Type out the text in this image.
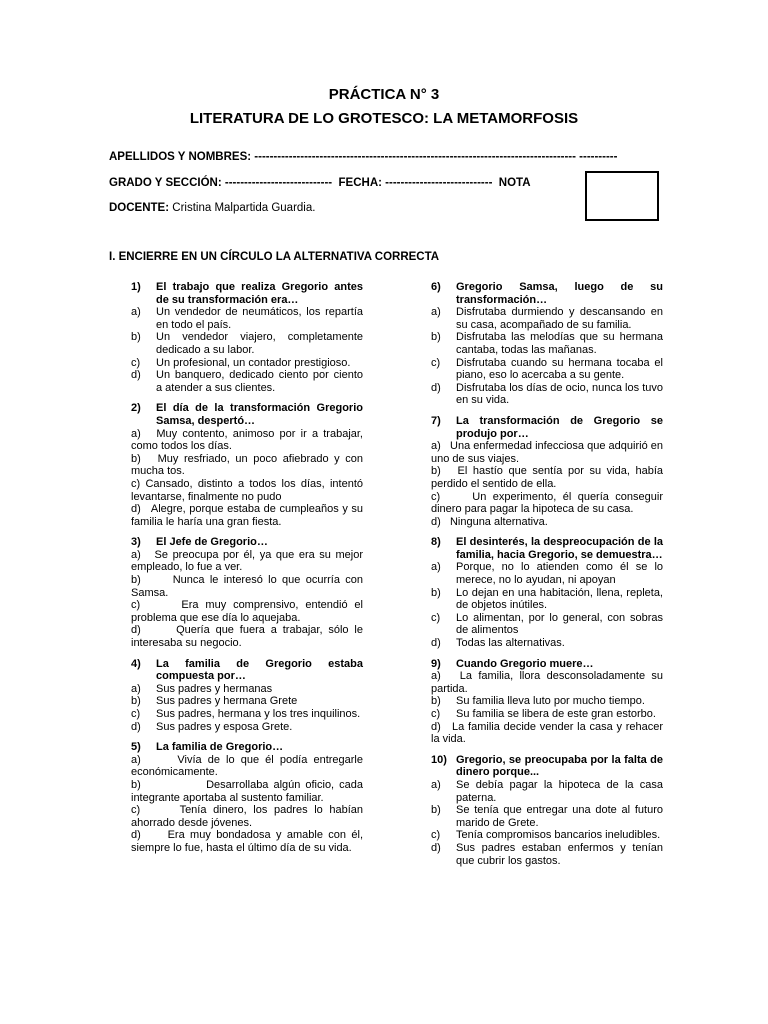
PRÁCTICA N° 3
LITERATURA DE LO GROTESCO: LA METAMORFOSIS
APELLIDOS Y NOMBRES: ------------------------------------------------------------------------------------ ----------
GRADO Y SECCIÓN: ---------------------------- FECHA: ---------------------------- NOTA
DOCENTE: Cristina Malpartida Guardia.
I. ENCIERRE EN UN CÍRCULO LA ALTERNATIVA CORRECTA
1)	El trabajo que realiza Gregorio antes de su transformación era…
a)	Un vendedor de neumáticos, los repartía en todo el país.
b)	Un vendedor viajero, completamente dedicado a su labor.
c)	Un profesional, un contador prestigioso.
d)	Un banquero, dedicado ciento por ciento a atender a sus clientes.
2)	El día de la transformación Gregorio Samsa, despertó…
a) Muy contento, animoso por ir a trabajar, como todos los días.
b) Muy resfriado, un poco afiebrado y con mucha tos.
c) Cansado, distinto a todos los días, intentó levantarse, finalmente no pudo
d) Alegre, porque estaba de cumpleaños y su familia le haría una gran fiesta.
3)	El Jefe de Gregorio…
a) Se preocupa por él, ya que era su mejor empleado, lo fue a ver.
b)	Nunca le interesó lo que ocurría con Samsa.
c)	Era muy comprensivo, entendió el problema que ese día lo aquejaba.
d)	Quería que fuera a trabajar, sólo le interesaba su negocio.
4)	La familia de Gregorio estaba compuesta por…
a)	Sus padres y hermanas
b)	Sus padres y hermana Grete
c)	Sus padres, hermana y los tres inquilinos.
d)	Sus padres y esposa Grete.
5)	La familia de Gregorio…
a)	Vivía de lo que él podía entregarle económicamente.
b)	Desarrollaba algún oficio, cada integrante aportaba al sustento familiar.
c)	Tenía dinero, los padres lo habían ahorrado desde jóvenes.
d) Era muy bondadosa y amable con él, siempre lo fue, hasta el último día de su vida.
6)	Gregorio Samsa, luego de su transformación…
a)	Disfrutaba durmiendo y descansando en su casa, acompañado de su familia.
b)	Disfrutaba las melodías que su hermana cantaba, todas las mañanas.
c)	Disfrutaba cuando su hermana tocaba el piano, eso lo acercaba a su gente.
d)	Disfrutaba los días de ocio, nunca los tuvo en su vida.
7)	La transformación de Gregorio se produjo por…
a) Una enfermedad infecciosa que adquirió en uno de sus viajes.
b) El hastío que sentía por su vida, había perdido el sentido de ella.
c)	Un experimento, él quería conseguir dinero para pagar la hipoteca de su casa.
d) Ninguna alternativa.
8)	El desinterés, la despreocupación de la familia, hacia Gregorio, se demuestra…
a)	Porque, no lo atienden como él se lo merece, no lo ayudan, ni apoyan
b)	Lo dejan en una habitación, llena, repleta, de objetos inútiles.
c)	Lo alimentan, por lo general, con sobras de alimentos
d)	Todas las alternativas.
9)	Cuando Gregorio muere…
a) La familia, llora desconsoladamente su partida.
b)	Su familia lleva luto por mucho tiempo.
c)	Su familia se libera de este gran estorbo.
d) La familia decide vender la casa y rehacer la vida.
10) Gregorio, se preocupaba por la falta de dinero porque...
a)	Se debía pagar la hipoteca de la casa paterna.
b)	Se tenía que entregar una dote al futuro marido de Grete.
c)	Tenía compromisos bancarios ineludibles.
d)	Sus padres estaban enfermos y tenían que cubrir los gastos.
